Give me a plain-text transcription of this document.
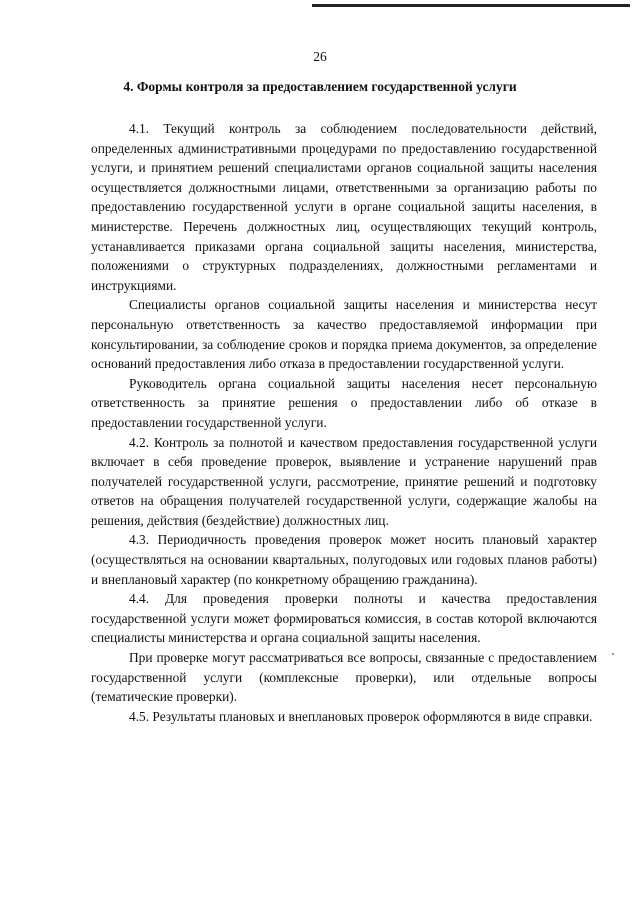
26
4. Формы контроля за предоставлением государственной услуги

4.1. Текущий контроль за соблюдением последовательности действий, определенных административными процедурами по предоставлению государственной услуги, и принятием решений специалистами органов социальной защиты населения осуществляется должностными лицами, ответственными за организацию работы по предоставлению государственной услуги в органе социальной защиты населения, в министерстве. Перечень должностных лиц, осуществляющих текущий контроль, устанавливается приказами органа социальной защиты населения, министерства, положениями о структурных подразделениях, должностными регламентами и инструкциями.

Специалисты органов социальной защиты населения и министерства несут персональную ответственность за качество предоставляемой информации при консультировании, за соблюдение сроков и порядка приема документов, за определение оснований предоставления либо отказа в предоставлении государственной услуги.

Руководитель органа социальной защиты населения несет персональную ответственность за принятие решения о предоставлении либо об отказе в предоставлении государственной услуги.

4.2. Контроль за полнотой и качеством предоставления государственной услуги включает в себя проведение проверок, выявление и устранение нарушений прав получателей государственной услуги, рассмотрение, принятие решений и подготовку ответов на обращения получателей государственной услуги, содержащие жалобы на решения, действия (бездействие) должностных лиц.

4.3. Периодичность проведения проверок может носить плановый характер (осуществляться на основании квартальных, полугодовых или годовых планов работы) и внеплановый характер (по конкретному обращению гражданина).

4.4. Для проведения проверки полноты и качества предоставления государственной услуги может формироваться комиссия, в состав которой включаются специалисты министерства и органа социальной защиты населения.

При проверке могут рассматриваться все вопросы, связанные с предоставлением государственной услуги (комплексные проверки), или отдельные вопросы (тематические проверки).

4.5. Результаты плановых и внеплановых проверок оформляются в виде справки.
